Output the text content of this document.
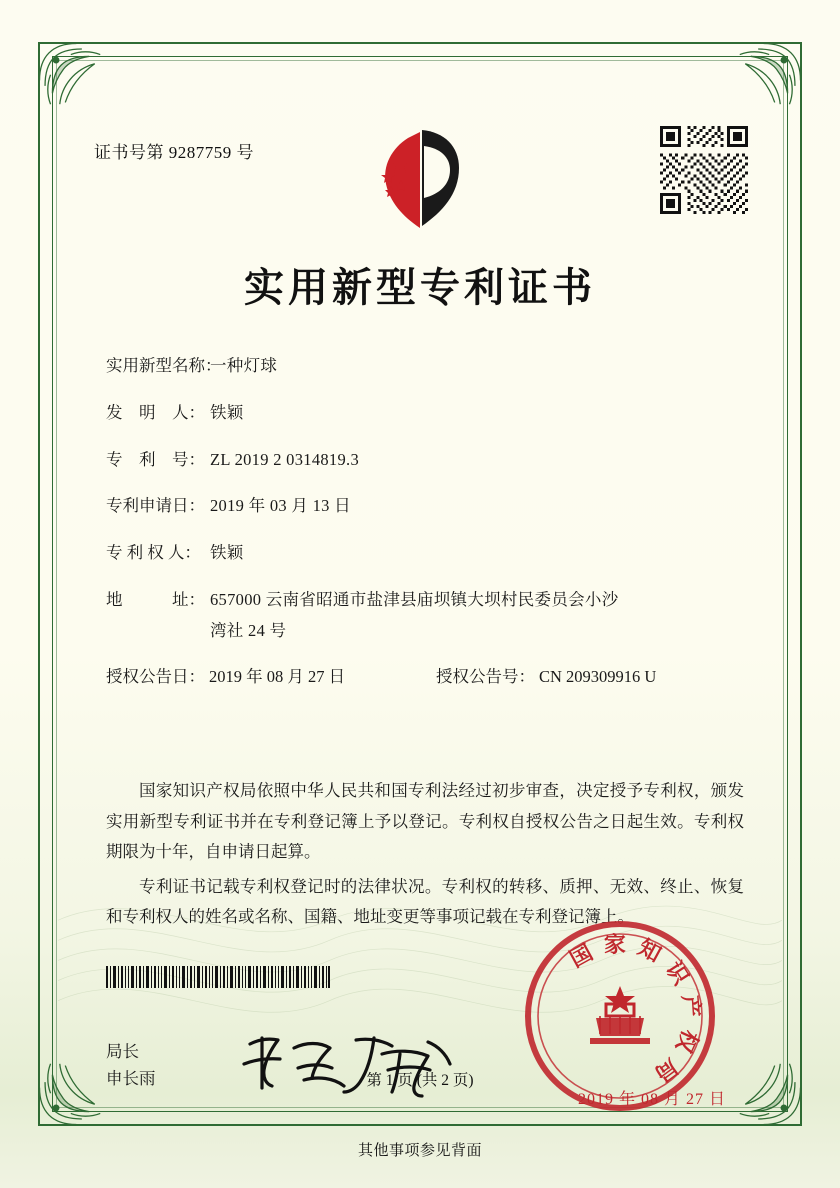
证书号第 9287759 号
实用新型专利证书
实用新型名称：
一种灯球
发　明　人： 铁颖
专　利　号： ZL 2019 2 0314819.3
专利申请日： 2019 年 03 月 13 日
专 利 权 人： 铁颖
地　　　址： 657000 云南省昭通市盐津县庙坝镇大坝村民委员会小沙
湾社 24 号
授权公告日： 2019 年 08 月 27 日	授权公告号： CN 209309916 U

国家知识产权局依照中华人民共和国专利法经过初步审查，决定授予专利权，颁发实用新型专利证书并在专利登记簿上予以登记。专利权自授权公告之日起生效。专利权期限为十年，自申请日起算。

专利证书记载专利权登记时的法律状况。专利权的转移、质押、无效、终止、恢复和专利权人的姓名或名称、国籍、地址变更等事项记载在专利登记簿上。

局长
申长雨
国家知识产权局
2019 年 08 月 27 日
第 1 页 (共 2 页)
其他事项参见背面
